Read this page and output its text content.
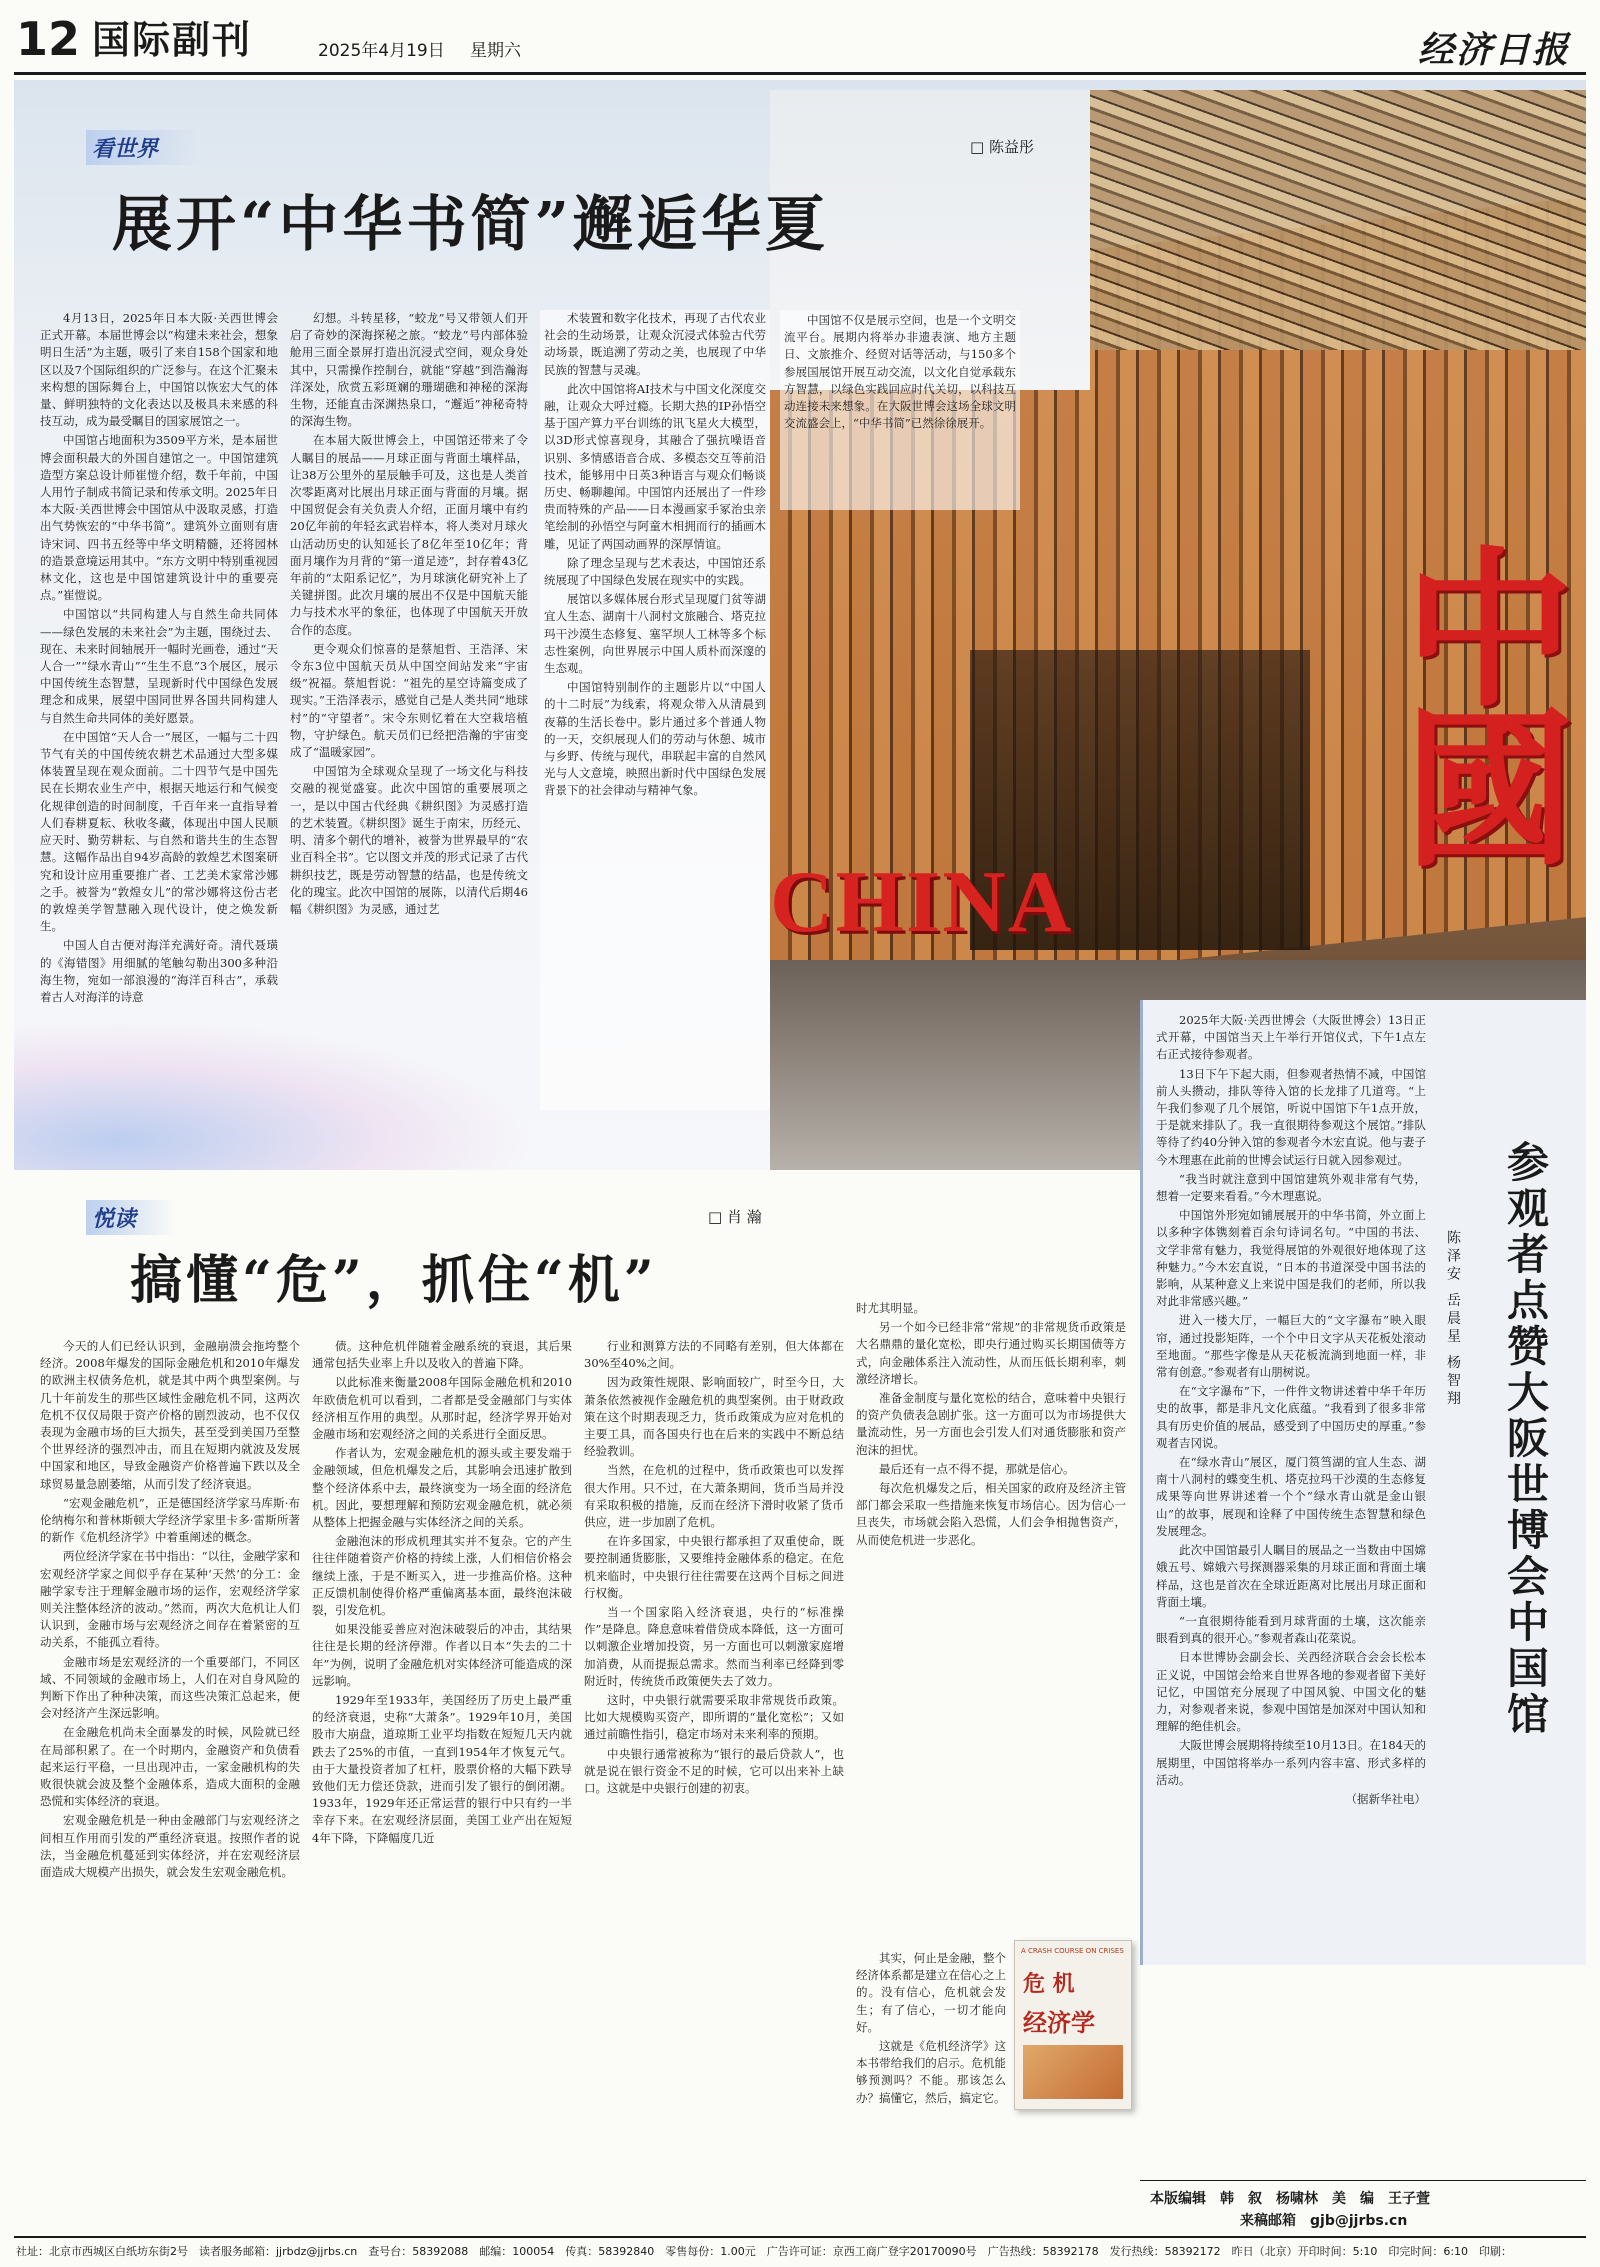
12 国际副刊	2025年4月19日 星期六	经济日报
中國
CHINA
看世界	□ 陈益彤
展开“中华书简”邂逅华夏

4月13日，2025年日本大阪·关西世博会正式开幕。本届世博会以“构建未来社会，想象明日生活”为主题，吸引了来自158个国家和地区以及7个国际组织的广泛参与。在这个汇聚未来构想的国际舞台上，中国馆以恢宏大气的体量、鲜明独特的文化表达以及极具未来感的科技互动，成为最受瞩目的国家展馆之一。

中国馆占地面积为3509平方米，是本届世博会面积最大的外国自建馆之一。中国馆建筑造型方案总设计师崔愷介绍，数千年前，中国人用竹子制成书简记录和传承文明。2025年日本大阪·关西世博会中国馆从中汲取灵感，打造出气势恢宏的“中华书简”。建筑外立面则有唐诗宋词、四书五经等中华文明精髓，还将园林的造景意境运用其中。“东方文明中特别重视园林文化，这也是中国馆建筑设计中的重要亮点。”崔愷说。

中国馆以“共同构建人与自然生命共同体——绿色发展的未来社会”为主题，围绕过去、现在、未来时间轴展开一幅时光画卷，通过“天人合一”“绿水青山”“生生不息”3个展区，展示中国传统生态智慧，呈现新时代中国绿色发展理念和成果，展望中国同世界各国共同构建人与自然生命共同体的美好愿景。

在中国馆“天人合一”展区，一幅与二十四节气有关的中国传统农耕艺术品通过大型多媒体装置呈现在观众面前。二十四节气是中国先民在长期农业生产中，根据天地运行和气候变化规律创造的时间制度，千百年来一直指导着人们春耕夏耘、秋收冬藏，体现出中国人民顺应天时、勤劳耕耘、与自然和谐共生的生态智慧。这幅作品出自94岁高龄的敦煌艺术图案研究和设计应用重要推广者、工艺美术家常沙娜之手。被誉为“敦煌女儿”的常沙娜将这份古老的敦煌美学智慧融入现代设计，使之焕发新生。

中国人自古便对海洋充满好奇。清代聂璜的《海错图》用细腻的笔触勾勒出300多种沿海生物，宛如一部浪漫的“海洋百科古”，承载着古人对海洋的诗意

幻想。斗转星移，“蛟龙”号又带领人们开启了奇妙的深海探秘之旅。“蛟龙”号内部体验舱用三面全景屏打造出沉浸式空间，观众身处其中，只需操作控制台，就能“穿越”到浩瀚海洋深处，欣赏五彩斑斓的珊瑚礁和神秘的深海生物，还能直击深渊热泉口，“邂逅”神秘奇特的深海生物。

在本届大阪世博会上，中国馆还带来了令人瞩目的展品——月球正面与背面土壤样品，让38万公里外的星辰触手可及，这也是人类首次零距离对比展出月球正面与背面的月壤。据中国贸促会有关负责人介绍，正面月壤中有约20亿年前的年轻玄武岩样本，将人类对月球火山活动历史的认知延长了8亿年至10亿年；背面月壤作为月背的“第一道足迹”，封存着43亿年前的“太阳系记忆”，为月球演化研究补上了关键拼图。此次月壤的展出不仅是中国航天能力与技术水平的象征，也体现了中国航天开放合作的态度。

更令观众们惊喜的是蔡旭哲、王浩泽、宋令东3位中国航天员从中国空间站发来“宇宙级”祝福。蔡旭哲说：“祖先的星空诗篇变成了现实。”王浩泽表示，感觉自己是人类共同“地球村”的“守望者”。宋令东则忆着在大空栽培植物，守护绿色。航天员们已经把浩瀚的宇宙变成了“温暖家园”。

中国馆为全球观众呈现了一场文化与科技交融的视觉盛宴。此次中国馆的重要展项之一，是以中国古代经典《耕织图》为灵感打造的艺术装置。《耕织图》诞生于南宋，历经元、明、清多个朝代的增补，被誉为世界最早的“农业百科全书”。它以图文并茂的形式记录了古代耕织技艺，既是劳动智慧的结晶，也是传统文化的瑰宝。此次中国馆的展陈，以清代后期46幅《耕织图》为灵感，通过艺

术装置和数字化技术，再现了古代农业社会的生动场景，让观众沉浸式体验古代劳动场景，既追溯了劳动之美，也展现了中华民族的智慧与灵魂。

此次中国馆将AI技术与中国文化深度交融，让观众大呼过瘾。长期大热的IP孙悟空基于国产算力平台训练的讯飞星火大模型，以3D形式惊喜现身，其融合了强抗噪语音识别、多情感语音合成、多模态交互等前沿技术，能够用中日英3种语言与观众们畅谈历史、畅聊趣闻。中国馆内还展出了一件珍贵而特殊的产品——日本漫画家手冢治虫亲笔绘制的孙悟空与阿童木相拥而行的插画木雕，见证了两国动画界的深厚情谊。

除了理念呈现与艺术表达，中国馆还系统展现了中国绿色发展在现实中的实践。

展馆以多媒体展台形式呈现厦门贫等湖宜人生态、湖南十八洞村文旅融合、塔克拉玛干沙漠生态修复、塞罕坝人工林等多个标志性案例，向世界展示中国人质朴而深邃的生态观。

中国馆特别制作的主题影片以“中国人的十二时辰”为线索，将观众带入从清晨到夜幕的生活长卷中。影片通过多个普通人物的一天，交织展现人们的劳动与休憩、城市与乡野、传统与现代，串联起丰富的自然风光与人文意境，映照出新时代中国绿色发展背景下的社会律动与精神气象。

中国馆不仅是展示空间，也是一个文明交流平台。展期内将举办非遗表演、地方主题日、文旅推介、经贸对话等活动，与150多个参展国展馆开展互动交流，以文化自觉承载东方智慧，以绿色实践回应时代关切，以科技互动连接未来想象。在大阪世博会这场全球文明交流盛会上，“中华书简”已然徐徐展开。

2025年大阪·关西世博会（大阪世博会）13日正式开幕，中国馆当天上午举行开馆仪式，下午1点左右正式接待参观者。

13日下午下起大雨，但参观者热情不减，中国馆前人头攒动，排队等待入馆的长龙排了几道弯。“上午我们参观了几个展馆，听说中国馆下午1点开放，于是就来排队了。我一直很期待参观这个展馆。”排队等待了约40分钟入馆的参观者今木宏直说。他与妻子今木理惠在此前的世博会试运行日就入园参观过。

“我当时就注意到中国馆建筑外观非常有气势，想着一定要来看看。”今木理惠说。

中国馆外形宛如铺展展开的中华书简，外立面上以多种字体镌刻着百余句诗词名句。“中国的书法、文学非常有魅力，我觉得展馆的外观很好地体现了这种魅力。”今木宏直说，“日本的书道深受中国书法的影响，从某种意义上来说中国是我们的老师，所以我对此非常感兴趣。”

进入一楼大厅，一幅巨大的“文字瀑布”映入眼帘，通过投影矩阵，一个个中日文字从天花板处滚动至地面。“那些字像是从天花板流淌到地面一样，非常有创意。”参观者有山朋树说。

在“文字瀑布”下，一件件文物讲述着中华千年历史的故事，都是非凡文化底蕴。“我看到了很多非常具有历史价值的展品，感受到了中国历史的厚重。”参观者吉冈说。

在“绿水青山”展区，厦门筼筜湖的宜人生态、湖南十八洞村的蝶变生机、塔克拉玛干沙漠的生态修复成果等向世界讲述着一个个“绿水青山就是金山银山”的故事，展现和诠释了中国传统生态智慧和绿色发展理念。

此次中国馆最引人瞩目的展品之一当数由中国嫦娥五号、嫦娥六号探测器采集的月球正面和背面土壤样品，这也是首次在全球近距离对比展出月球正面和背面土壤。

“一直很期待能看到月球背面的土壤，这次能亲眼看到真的很开心。”参观者森山花菜说。

日本世博协会副会长、关西经济联合会会长松本正义说，中国馆会给来自世界各地的参观者留下美好记忆，中国馆充分展现了中国风貌、中国文化的魅力，对参观者来说，参观中国馆是加深对中国认知和理解的绝佳机会。

大阪世博会展期将持续至10月13日。在184天的展期里，中国馆将举办一系列内容丰富、形式多样的活动。

（据新华社电）

参观者点赞大阪世博会中国馆
陈泽安 岳晨星 杨智翔
悦读	□ 肖 瀚
搞懂“危”，抓住“机”

今天的人们已经认识到，金融崩溃会拖垮整个经济。2008年爆发的国际金融危机和2010年爆发的欧洲主权债务危机，就是其中两个典型案例。与几十年前发生的那些区域性金融危机不同，这两次危机不仅仅局限于资产价格的剧烈波动，也不仅仅表现为金融市场的巨大损失，甚至受到美国乃至整个世界经济的强烈冲击，而且在短期内就波及发展中国家和地区，导致金融资产价格普遍下跌以及全球贸易量急剧萎缩，从而引发了经济衰退。

“宏观金融危机”，正是德国经济学家马库斯·布伦纳梅尔和普林斯顿大学经济学家里卡多·雷斯所著的新作《危机经济学》中着重阐述的概念。

两位经济学家在书中指出：“以往，金融学家和宏观经济学家之间似乎存在某种‘天然’的分工：金融学家专注于理解金融市场的运作，宏观经济学家则关注整体经济的波动。”然而，两次大危机让人们认识到，金融市场与宏观经济之间存在着紧密的互动关系，不能孤立看待。

金融市场是宏观经济的一个重要部门，不同区域、不同领域的金融市场上，人们在对自身风险的判断下作出了种种决策，而这些决策汇总起来，便会对经济产生深远影响。

在金融危机尚未全面暴发的时候，风险就已经在局部积累了。在一个时期内，金融资产和负债看起来运行平稳，一旦出现冲击，一家金融机构的失败很快就会波及整个金融体系，造成大面积的金融恐慌和实体经济的衰退。

宏观金融危机是一种由金融部门与宏观经济之间相互作用而引发的严重经济衰退。按照作者的说法，当金融危机蔓延到实体经济，并在宏观经济层面造成大规模产出损失，就会发生宏观金融危机。

债。这种危机伴随着金融系统的衰退，其后果通常包括失业率上升以及收入的普遍下降。

以此标准来衡量2008年国际金融危机和2010年欧债危机可以看到，二者都是受金融部门与实体经济相互作用的典型。从那时起，经济学界开始对金融市场和宏观经济之间的关系进行全面反思。

作者认为，宏观金融危机的源头或主要发端于金融领域，但危机爆发之后，其影响会迅速扩散到整个经济体系中去，最终演变为一场全面的经济危机。因此，要想理解和预防宏观金融危机，就必须从整体上把握金融与实体经济之间的关系。

金融泡沫的形成机理其实并不复杂。它的产生往往伴随着资产价格的持续上涨，人们相信价格会继续上涨，于是不断买入，进一步推高价格。这种正反馈机制使得价格严重偏离基本面，最终泡沫破裂，引发危机。

如果没能妥善应对泡沫破裂后的冲击，其结果往往是长期的经济停滞。作者以日本“失去的二十年”为例，说明了金融危机对实体经济可能造成的深远影响。

1929年至1933年，美国经历了历史上最严重的经济衰退，史称“大萧条”。1929年10月，美国股市大崩盘，道琼斯工业平均指数在短短几天内就跌去了25%的市值，一直到1954年才恢复元气。由于大量投资者加了杠杆，股票价格的大幅下跌导致他们无力偿还贷款，进而引发了银行的倒闭潮。1933年，1929年还正常运营的银行中只有约一半幸存下来。在宏观经济层面，美国工业产出在短短4年下降，下降幅度几近

行业和测算方法的不同略有差别，但大体都在30%至40%之间。

因为政策性规限、影响面较广，时至今日，大萧条依然被视作金融危机的典型案例。由于财政政策在这个时期表现乏力，货币政策成为应对危机的主要工具，而各国央行也在后来的实践中不断总结经验教训。

当然，在危机的过程中，货币政策也可以发挥很大作用。只不过，在大萧条期间，货币当局并没有采取积极的措施，反而在经济下滑时收紧了货币供应，进一步加剧了危机。

在许多国家，中央银行都承担了双重使命，既要控制通货膨胀，又要维持金融体系的稳定。在危机来临时，中央银行往往需要在这两个目标之间进行权衡。

当一个国家陷入经济衰退，央行的“标准操作”是降息。降息意味着借贷成本降低，这一方面可以刺激企业增加投资，另一方面也可以刺激家庭增加消费，从而提振总需求。然而当利率已经降到零附近时，传统货币政策便失去了效力。

这时，中央银行就需要采取非常规货币政策。比如大规模购买资产，即所谓的“量化宽松”；又如通过前瞻性指引，稳定市场对未来利率的预期。

中央银行通常被称为“银行的最后贷款人”，也就是说在银行资金不足的时候，它可以出来补上缺口。这就是中央银行创建的初衷。

时尤其明显。

另一个如今已经非常“常规”的非常规货币政策是大名鼎鼎的量化宽松，即央行通过购买长期国债等方式，向金融体系注入流动性，从而压低长期利率，刺激经济增长。

准备金制度与量化宽松的结合，意味着中央银行的资产负债表急剧扩张。这一方面可以为市场提供大量流动性，另一方面也会引发人们对通货膨胀和资产泡沫的担忧。

最后还有一点不得不提，那就是信心。

每次危机爆发之后，相关国家的政府及经济主管部门都会采取一些措施来恢复市场信心。因为信心一旦丧失，市场就会陷入恐慌，人们会争相抛售资产，从而使危机进一步恶化。

其实，何止是金融，整个经济体系都是建立在信心之上的。没有信心，危机就会发生；有了信心，一切才能向好。

这就是《危机经济学》这本书带给我们的启示。危机能够预测吗？不能。那该怎么办？搞懂它，然后，搞定它。

A CRASH COURSE ON CRISES
危 机
经济学
本版编辑　韩　叙　杨啸林　美　编　王子萱
来稿邮箱　gjb@jjrbs.cn
社址：北京市西城区白纸坊东街2号　读者服务邮箱：jjrbdz@jjrbs.cn　查号台：58392088　邮编：100054　传真：58392840　零售每份：1.00元　广告许可证：京西工商广登字20170090号　广告热线：58392178　发行热线：58392172　昨日（北京）开印时间：5:10　印完时间：6:10　印刷：
